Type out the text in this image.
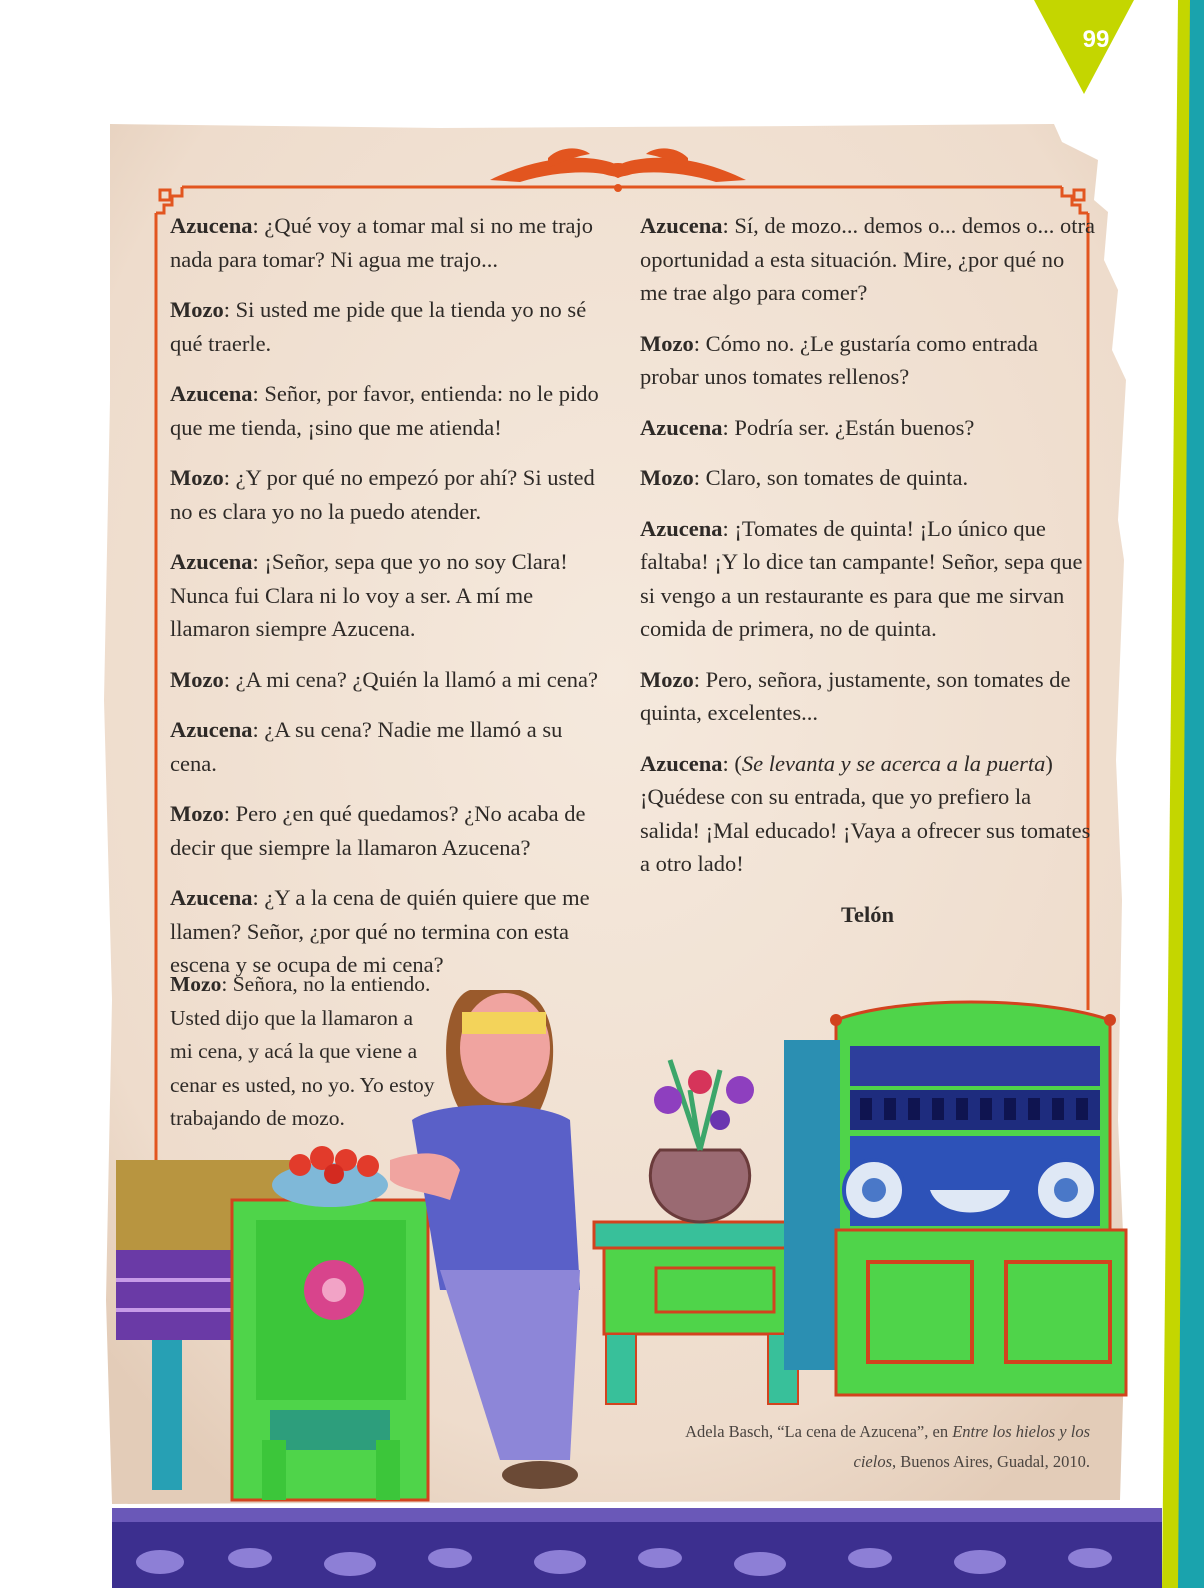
99

Azucena: ¿Qué voy a tomar mal si no me trajo nada para tomar? Ni agua me trajo...

Mozo: Si usted me pide que la tienda yo no sé qué traerle.

Azucena: Señor, por favor, entienda: no le pido que me tienda, ¡sino que me atienda!

Mozo: ¿Y por qué no empezó por ahí? Si usted no es clara yo no la puedo atender.

Azucena: ¡Señor, sepa que yo no soy Clara! Nunca fui Clara ni lo voy a ser. A mí me llamaron siempre Azucena.

Mozo: ¿A mi cena? ¿Quién la llamó a mi cena?

Azucena: ¿A su cena? Nadie me llamó a su cena.

Mozo: Pero ¿en qué quedamos? ¿No acaba de decir que siempre la llamaron Azucena?

Azucena: ¿Y a la cena de quién quiere que me llamen? Señor, ¿por qué no termina con esta escena y se ocupa de mi cena?

Azucena: Sí, de mozo... demos o... demos o... otra oportunidad a esta situación. Mire, ¿por qué no me trae algo para comer?

Mozo: Cómo no. ¿Le gustaría como entrada probar unos tomates rellenos?

Azucena: Podría ser. ¿Están buenos?

Mozo: Claro, son tomates de quinta.

Azucena: ¡Tomates de quinta! ¡Lo único que faltaba! ¡Y lo dice tan campante! Señor, sepa que si vengo a un restaurante es para que me sirvan comida de primera, no de quinta.

Mozo: Pero, señora, justamente, son tomates de quinta, excelentes...

Azucena: (Se levanta y se acerca a la puerta) ¡Quédese con su entrada, que yo prefiero la salida! ¡Mal educado! ¡Vaya a ofrecer sus tomates a otro lado!

Telón

Mozo: Señora, no la entiendo. Usted dijo que la llamaron a mi cena, y acá la que viene a cenar es usted, no yo. Yo estoy trabajando de mozo.
Adela Basch, “La cena de Azucena”, en Entre los hielos y los cielos, Buenos Aires, Guadal, 2010.
